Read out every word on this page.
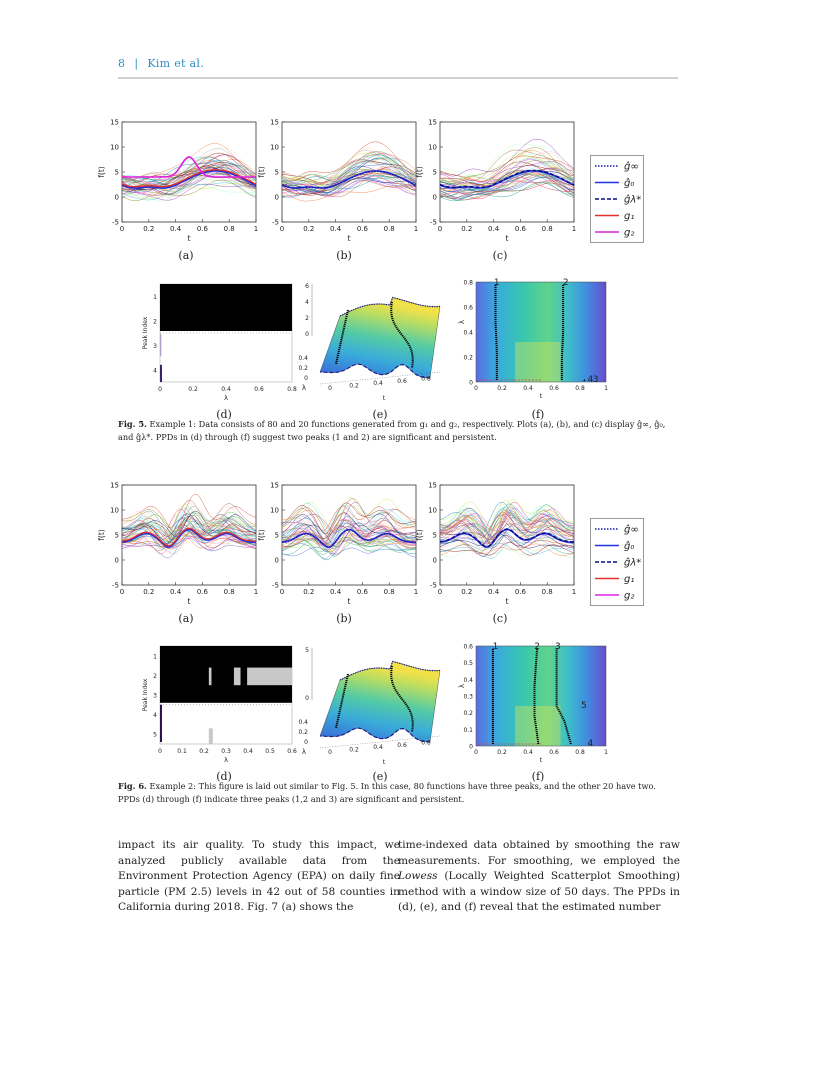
8 | Kim et al.
15
10
5
0
-5
0	0.2 0.4 0.6 0.8	1
t
f(t)
15
10
5
0
-5
0	0.2 0.4 0.6 0.8	1
t
f(t)
15
10
5
0
-5
0	0.2 0.4 0.6 0.8	1
t
f(t)	ĝ∞
ĝ₀
ĝλ*
g₁
g₂
(a)	(b)	(c)
1
2
3
4
0	0.2	0.4	0.6	0.8
λ
Peak Index
6
4
2
0
0	0.2 0.4 0.6 0.8
t
0.4
0.2
0
λ
1	2
4 3
0.8
0.6
0.4
0.2
0
0	0.2	0.4	0.6	0.8	1
t
λ
(d)	(e)	(f)
Fig. 5. Example 1: Data consists of 80 and 20 functions generated from g₁ and g₂, respectively. Plots (a), (b), and (c) display ĝ∞, ĝ₀, and ĝλ*. PPDs in (d) through (f) suggest two peaks (1 and 2) are significant and persistent.
15
10
5
0
-5
0	0.2 0.4 0.6 0.8	1
t
f(t)
15
10
5
0
-5
0	0.2 0.4 0.6 0.8	1
t
f(t)
15
10
5
0
-5
0	0.2 0.4 0.6 0.8	1
t
f(t)	ĝ∞
ĝ₀
ĝλ*
g₁
g₂
(a)	(b)	(c)
1
2
3
4
5
0	0.1 0.2 0.3 0.4 0.5 0.6
λ
Peak Index
5
0
0	0.2 0.4 0.6 0.8
t
0.4
0.2
0
λ
1	2 3
5
4
0.6
0.5
0.4
0.3
0.2
0.1
0
0	0.2	0.4	0.6	0.8	1
t
λ
(d)	(e)	(f)
Fig. 6. Example 2: This figure is laid out similar to Fig. 5. In this case, 80 functions have three peaks, and the other 20 have two. PPDs (d) through (f) indicate three peaks (1,2 and 3) are significant and persistent.
impact its air quality. To study this impact, we analyzed publicly available data from the Environment Protection Agency (EPA) on daily fine particle (PM 2.5) levels in 42 out of 58 counties in California during 2018. Fig. 7 (a) shows the
time-indexed data obtained by smoothing the raw measurements. For smoothing, we employed the Lowess (Locally Weighted Scatterplot Smoothing) method with a window size of 50 days. The PPDs in (d), (e), and (f) reveal that the estimated number
